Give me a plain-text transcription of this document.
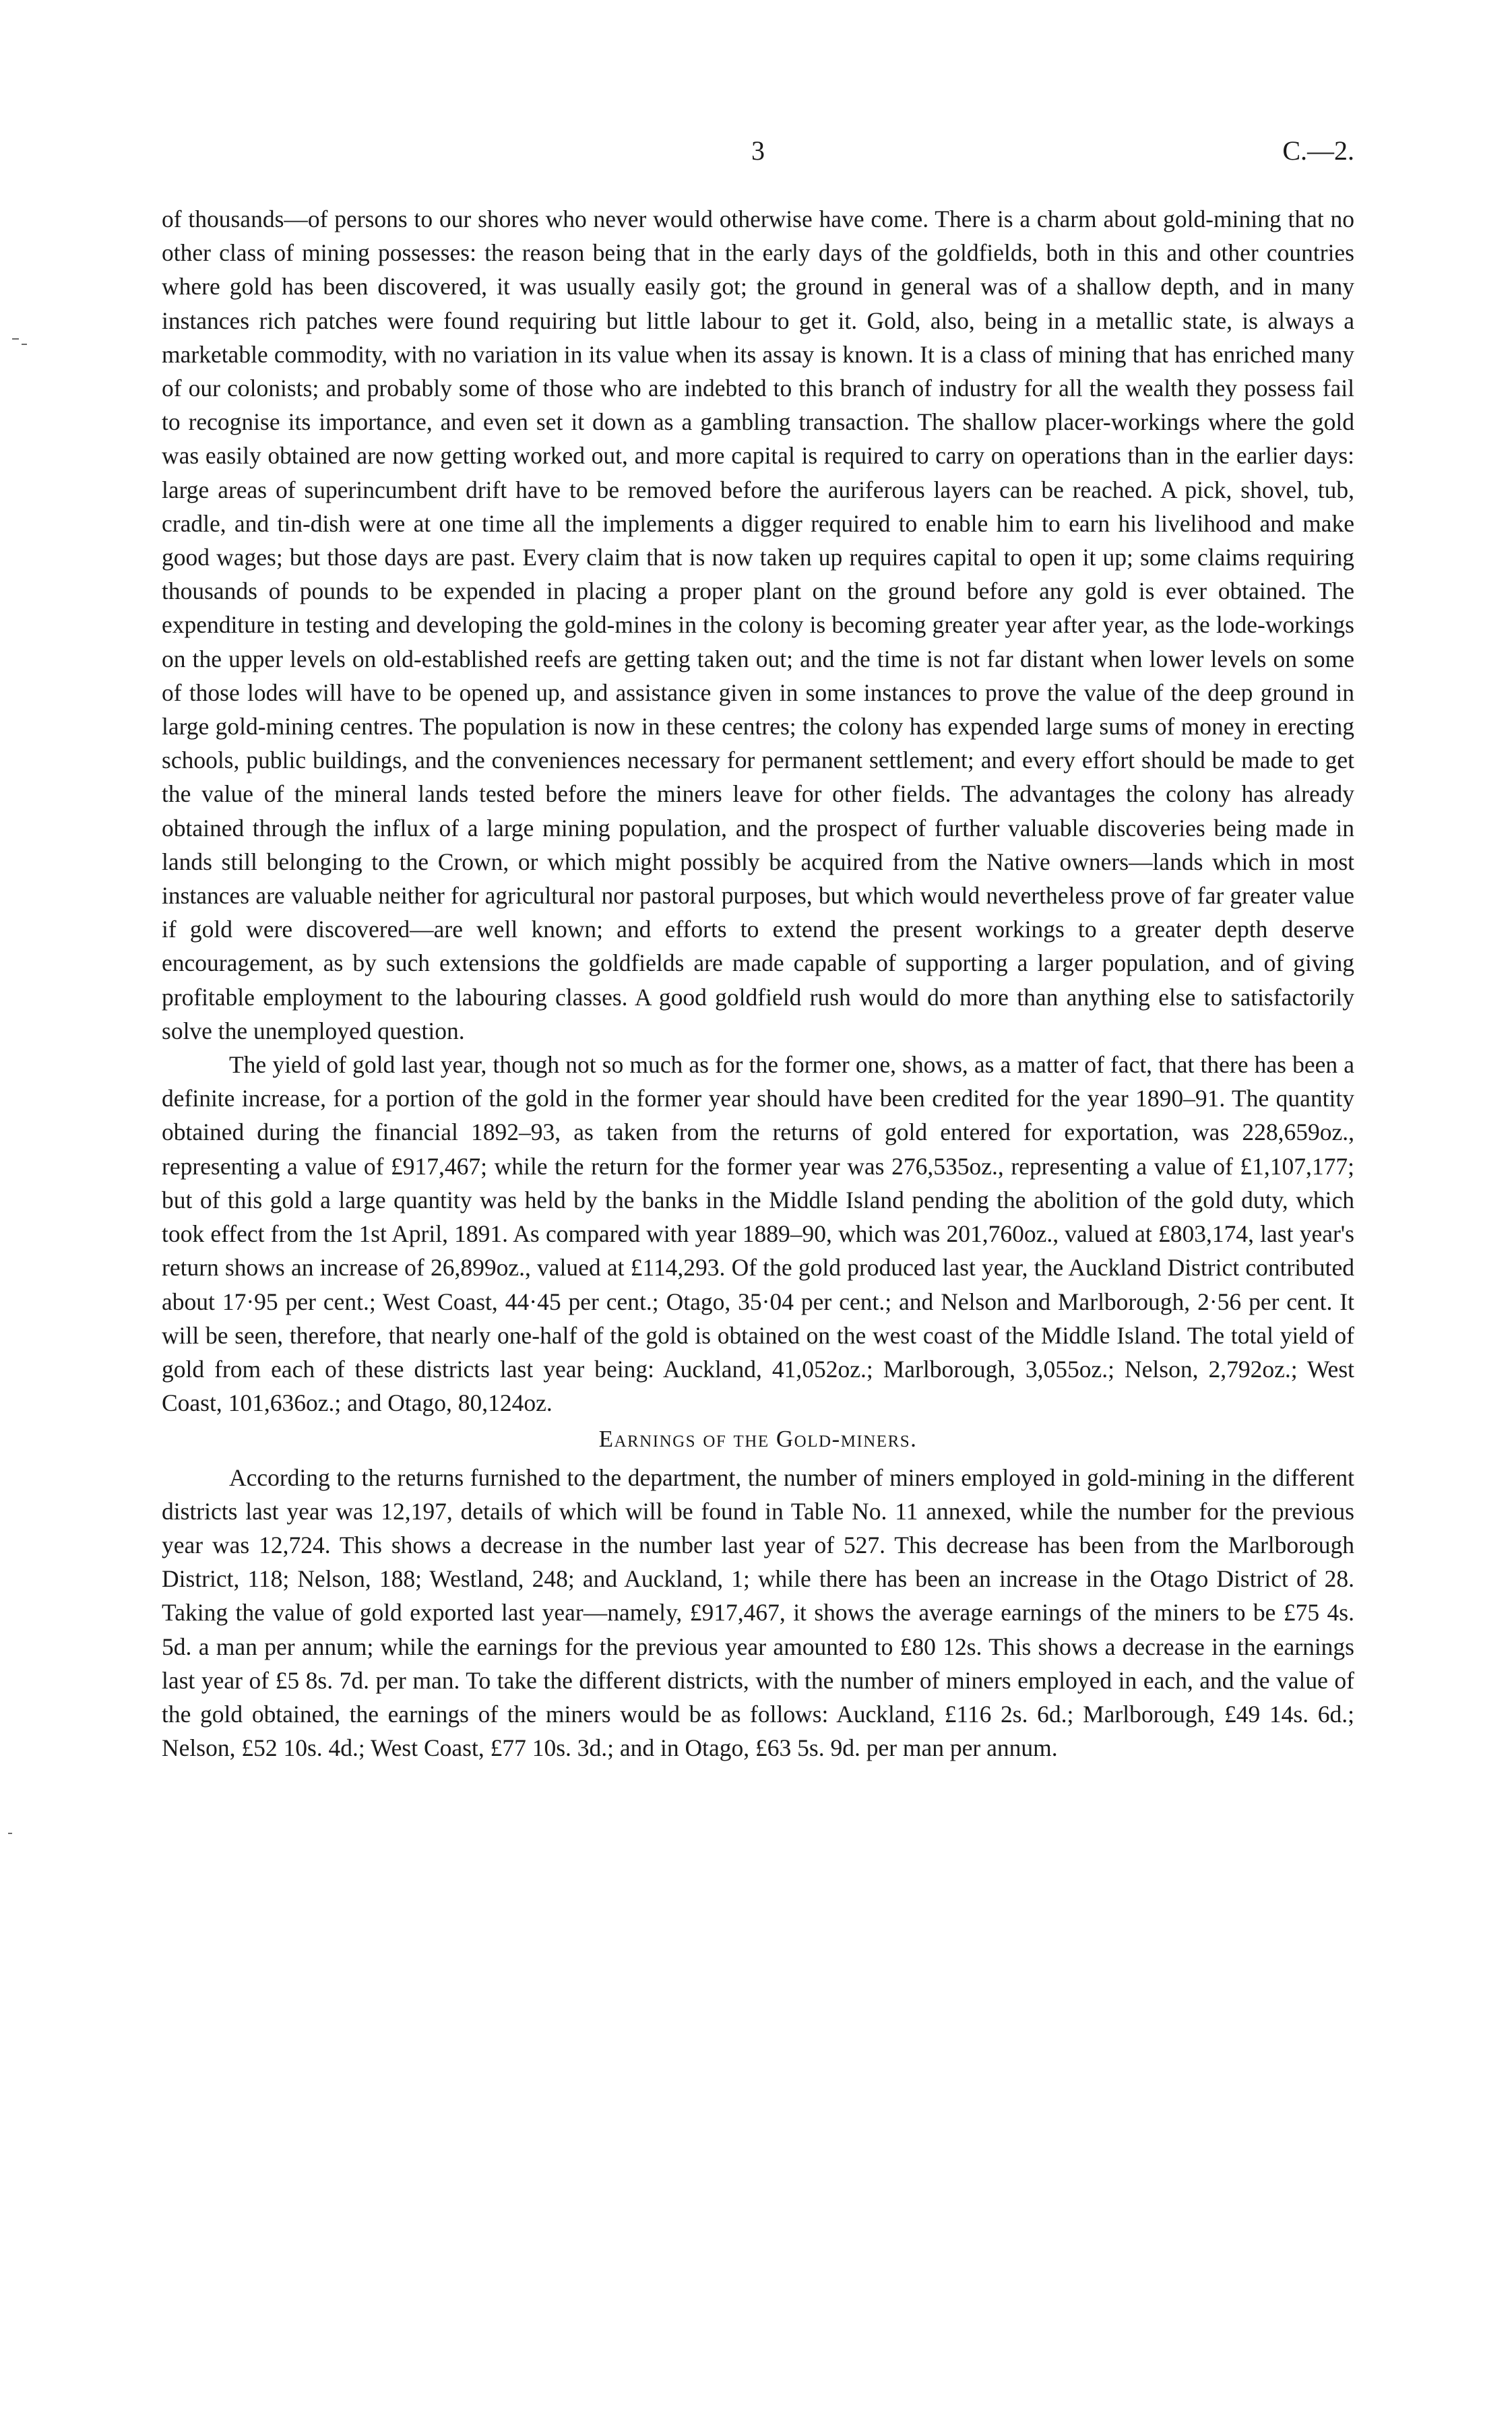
3	C.—2.

of thousands—of persons to our shores who never would otherwise have come. There is a charm about gold-mining that no other class of mining possesses: the reason being that in the early days of the goldfields, both in this and other countries where gold has been discovered, it was usually easily got; the ground in general was of a shallow depth, and in many instances rich patches were found requiring but little labour to get it. Gold, also, being in a metallic state, is always a marketable commodity, with no variation in its value when its assay is known. It is a class of mining that has enriched many of our colonists; and probably some of those who are indebted to this branch of industry for all the wealth they possess fail to recognise its importance, and even set it down as a gambling transaction. The shallow placer-workings where the gold was easily obtained are now getting worked out, and more capital is required to carry on operations than in the earlier days: large areas of superincumbent drift have to be removed before the auriferous layers can be reached. A pick, shovel, tub, cradle, and tin-dish were at one time all the implements a digger required to enable him to earn his livelihood and make good wages; but those days are past. Every claim that is now taken up requires capital to open it up; some claims requiring thousands of pounds to be expended in placing a proper plant on the ground before any gold is ever obtained. The expenditure in testing and developing the gold-mines in the colony is becoming greater year after year, as the lode-workings on the upper levels on old-established reefs are getting taken out; and the time is not far distant when lower levels on some of those lodes will have to be opened up, and assistance given in some instances to prove the value of the deep ground in large gold-mining centres. The population is now in these centres; the colony has expended large sums of money in erecting schools, public buildings, and the conveniences necessary for permanent settlement; and every effort should be made to get the value of the mineral lands tested before the miners leave for other fields. The advantages the colony has already obtained through the influx of a large mining population, and the prospect of further valuable discoveries being made in lands still belonging to the Crown, or which might possibly be acquired from the Native owners—lands which in most instances are valuable neither for agricultural nor pastoral purposes, but which would nevertheless prove of far greater value if gold were discovered—are well known; and efforts to extend the present workings to a greater depth deserve encouragement, as by such extensions the goldfields are made capable of supporting a larger population, and of giving profitable employment to the labouring classes. A good goldfield rush would do more than anything else to satisfactorily solve the unemployed question.

The yield of gold last year, though not so much as for the former one, shows, as a matter of fact, that there has been a definite increase, for a portion of the gold in the former year should have been credited for the year 1890–91. The quantity obtained during the financial 1892–93, as taken from the returns of gold entered for exportation, was 228,659oz., representing a value of £917,467; while the return for the former year was 276,535oz., representing a value of £1,107,177; but of this gold a large quantity was held by the banks in the Middle Island pending the abolition of the gold duty, which took effect from the 1st April, 1891. As compared with year 1889–90, which was 201,760oz., valued at £803,174, last year's return shows an increase of 26,899oz., valued at £114,293. Of the gold produced last year, the Auckland District contributed about 17·95 per cent.; West Coast, 44·45 per cent.; Otago, 35·04 per cent.; and Nelson and Marlborough, 2·56 per cent. It will be seen, therefore, that nearly one-half of the gold is obtained on the west coast of the Middle Island. The total yield of gold from each of these districts last year being: Auckland, 41,052oz.; Marlborough, 3,055oz.; Nelson, 2,792oz.; West Coast, 101,636oz.; and Otago, 80,124oz.

Earnings of the Gold-miners.

According to the returns furnished to the department, the number of miners employed in gold-mining in the different districts last year was 12,197, details of which will be found in Table No. 11 annexed, while the number for the previous year was 12,724. This shows a decrease in the number last year of 527. This decrease has been from the Marlborough District, 118; Nelson, 188; Westland, 248; and Auckland, 1; while there has been an increase in the Otago District of 28. Taking the value of gold exported last year—namely, £917,467, it shows the average earnings of the miners to be £75 4s. 5d. a man per annum; while the earnings for the previous year amounted to £80 12s. This shows a decrease in the earnings last year of £5 8s. 7d. per man. To take the different districts, with the number of miners employed in each, and the value of the gold obtained, the earnings of the miners would be as follows: Auckland, £116 2s. 6d.; Marlborough, £49 14s. 6d.; Nelson, £52 10s. 4d.; West Coast, £77 10s. 3d.; and in Otago, £63 5s. 9d. per man per annum.
